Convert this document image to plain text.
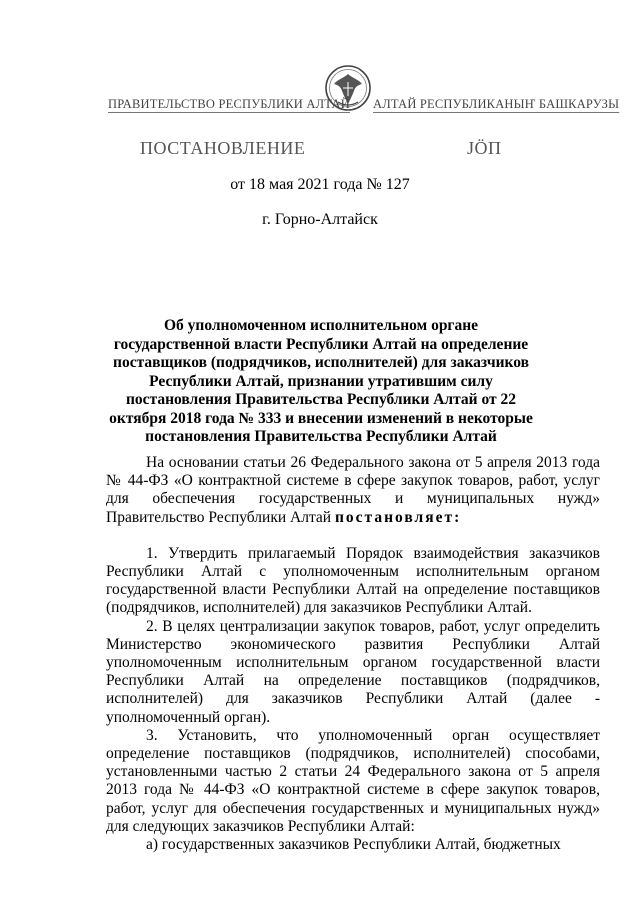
ПРАВИТЕЛЬСТВО РЕСПУБЛИКИ АЛТАЙ АЛТАЙ РЕСПУБЛИКАНЫҤ БАШКАРУЗЫ
ПОСТАНОВЛЕНИЕ	ЈӦП
от 18 мая 2021 года № 127
г. Горно-Алтайск
Об уполномоченном исполнительном органе государственной власти Республики Алтай на определение поставщиков (подрядчиков, исполнителей) для заказчиков Республики Алтай, признании утратившим силу постановления Правительства Республики Алтай от 22 октября 2018 года № 333 и внесении изменений в некоторые постановления Правительства Республики Алтай

На основании статьи 26 Федерального закона от 5 апреля 2013 года № 44-ФЗ «О контрактной системе в сфере закупок товаров, работ, услуг для обеспечения государственных и муниципальных нужд» Правительство Республики Алтай постановляет:

1. Утвердить прилагаемый Порядок взаимодействия заказчиков Республики Алтай с уполномоченным исполнительным органом государственной власти Республики Алтай на определение поставщиков (подрядчиков, исполнителей) для заказчиков Республики Алтай.

2. В целях централизации закупок товаров, работ, услуг определить Министерство экономического развития Республики Алтай уполномоченным исполнительным органом государственной власти Республики Алтай на определение поставщиков (подрядчиков, исполнителей) для заказчиков Республики Алтай (далее - уполномоченный орган).

3. Установить, что уполномоченный орган осуществляет определение поставщиков (подрядчиков, исполнителей) способами, установленными частью 2 статьи 24 Федерального закона от 5 апреля 2013 года № 44-ФЗ «О контрактной системе в сфере закупок товаров, работ, услуг для обеспечения государственных и муниципальных нужд» для следующих заказчиков Республики Алтай:

а) государственных заказчиков Республики Алтай, бюджетных
